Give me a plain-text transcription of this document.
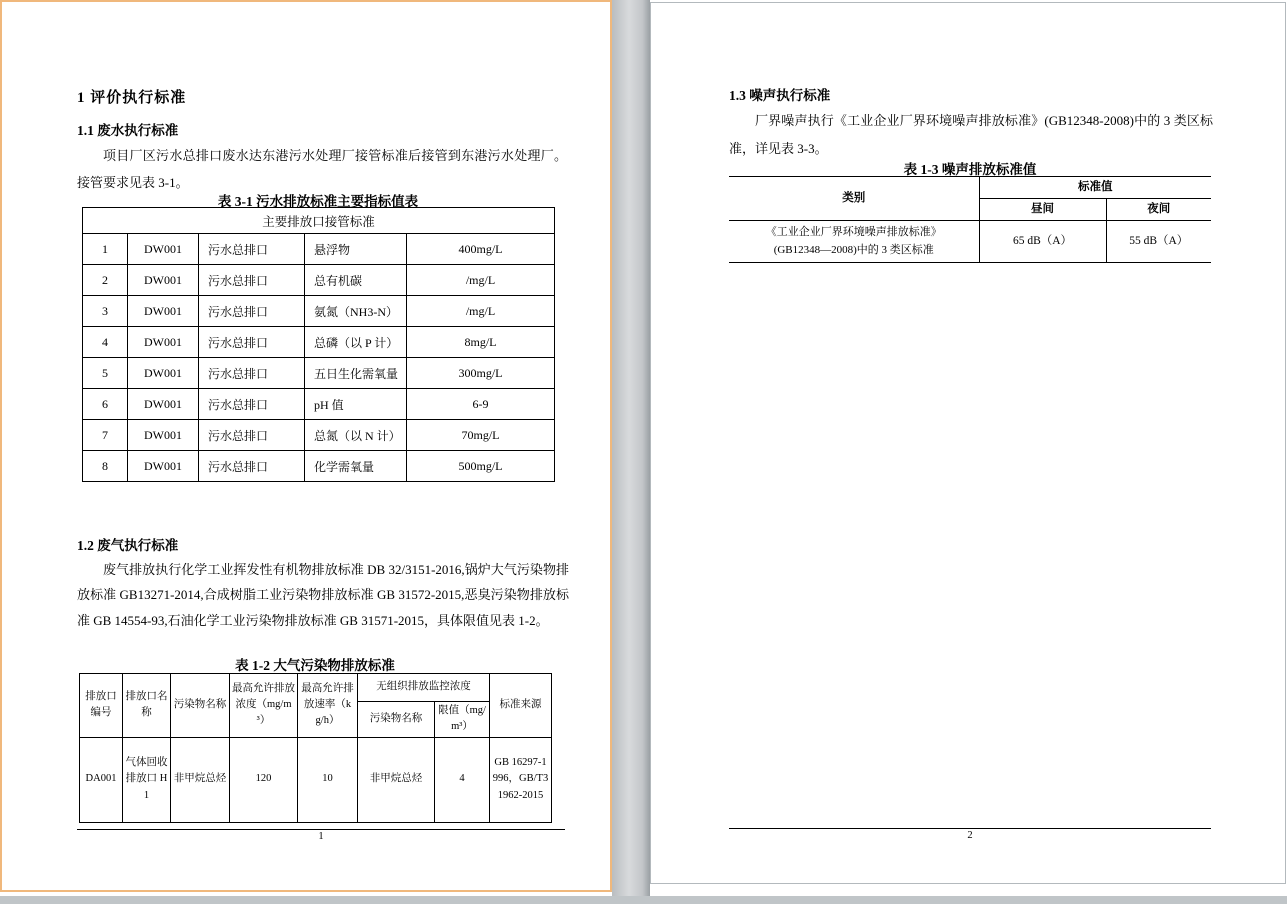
1 评价执行标准
1.1 废水执行标准
项目厂区污水总排口废水达东港污水处理厂接管标准后接管到东港污水处理厂。接管要求见表 3-1。
表 3-1 污水排放标准主要指标值表
主要排放口接管标准				
1	DW001	污水总排口	悬浮物	400mg/L
2	DW001	污水总排口	总有机碳	/mg/L
3	DW001	污水总排口	氨氮（NH3-N）	/mg/L
4	DW001	污水总排口	总磷（以 P 计）	8mg/L
5	DW001	污水总排口	五日生化需氧量	300mg/L
6	DW001	污水总排口	pH 值	6-9
7	DW001	污水总排口	总氮（以 N 计）	70mg/L
8	DW001	污水总排口	化学需氧量	500mg/L
1.2 废气执行标准
废气排放执行化学工业挥发性有机物排放标准 DB 32/3151-2016,锅炉大气污染物排放标准 GB13271-2014,合成树脂工业污染物排放标准 GB 31572-2015,恶臭污染物排放标准 GB 14554-93,石油化学工业污染物排放标准 GB 31571-2015，具体限值见表 1-2。
表 1-2 大气污染物排放标准
排放口编号	排放口名称	污染物名称	最高允许排放浓度（mg/m³）	最高允许排放速率（kg/h）	无组织排放监控浓度		标准来源
					污染物名称	限值（mg/m³）	
DA001	气体回收排放口 H1	非甲烷总烃	120	10	非甲烷总烃	4	GB 16297-1996，GB/T31962-2015
1
1.3 噪声执行标准
厂界噪声执行《工业企业厂界环境噪声排放标准》(GB12348-2008)中的 3 类区标准，详见表 3-3。
表 1-3 噪声排放标准值
类别	标准值	
	昼间	夜间

《工业企业厂界环境噪声排放标准》
(GB12348—2008)中的 3 类区标准	65 dB（A）	55 dB（A）
2
